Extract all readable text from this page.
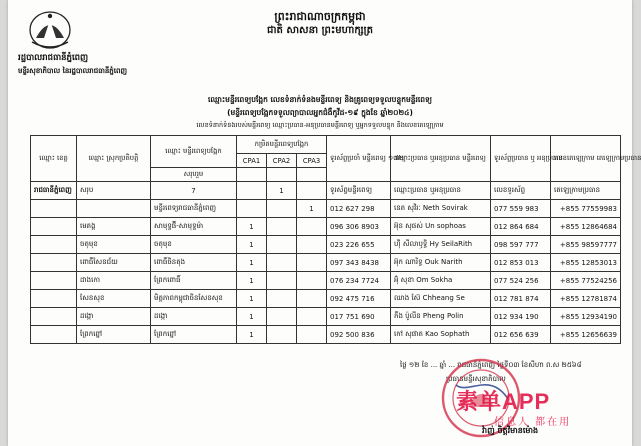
ព្រះរាជាណាចក្រកម្ពុជា
ជាតិ សាសនា ព្រះមហាក្សត្រ
រដ្ឋបាលរាជធានីភ្នំពេញ
មន្ទីរសុខាភិបាល នៃរដ្ឋបាលរាជធានីភ្នំពេញ
ឈ្មោះមន្ទីរពេទ្យបង្អែក លេខទំនាក់ទំនងមន្ទីរពេទ្យ និងគ្រូពេទ្យទទួលបន្ទុកមន្ទីរពេទ្យ
(មន្ទីរពេទ្យបង្អែកទទួលព្យាបាលអ្នកជំងឺកូវីដ-១៩ ក្នុងខែ ឆ្នាំ២០២៤)
លេខទំនាក់ទំនងរបស់មន្ទីរពេទ្យ ឈ្មោះប្រធាន-អនុប្រធានមន្ទីរពេទ្យ ឬអ្នកទទួលបន្ទុក និងលេខតេឡេក្រាម
ឈ្មោះ ខេត្ត	ឈ្មោះ ស្រុកប្រតិបត្តិ	ឈ្មោះ មន្ទីរពេទ្យបង្អែក	កម្រិតមន្ទីរពេទ្យបង្អែក			ទូរស័ព្ទប្រចាំ មន្ទីរពេទ្យ ១៧២	ឈ្មោះប្រធាន ឬអនុប្រធាន មន្ទីរពេទ្យ	ទូរស័ព្ទប្រធាន ឬ អនុប្រធាន	លេខតេឡេក្រាម តេឡេក្រាមប្រធាន
			CPA1	CPA2	CPA3				
		សរុបរួម							
រាជធានីភ្នំពេញ	សរុប	7		1		ទូរស័ព្ទមន្ទីរពេទ្យ	ឈ្មោះប្រធាន ឬអនុប្រធាន	លេខទូរស័ព្ទ	តេឡេក្រាមប្រធាន
		មន្ទីរពេទ្យរាជធានីភ្នំពេញ			1	012 627 298	នេត សុវិរៈ Neth Sovirak	077 559 983	+855 77559983
	មេគង្គ	សាមុទ្ទផ៊ី-សាមុទ្ទម៉ា	1			096 306 8903	អ៊ុន សុផស់ Un sophoas	012 864 684	+855 12864684
	ចតុមុខ	ចតុមុខ	1			023 226 655	ហ៊ី សីលាឫទ្ធិ Hy SeilaRith	098 597 777	+855 98597777
	ពោធិ៍សែនជ័យ	ពោធិ៍ចិនតុង	1			097 343 8438	អ៊ុក ណារិទ្ធ Ouk Narith	012 853 013	+855 12853013
	ដាងកោ	ព្រែកពោធិ៍	1			076 234 7724	អ៊ុំ សុខា Om Sokha	077 524 256	+855 77524256
	សែនសុខ	មិត្តភាពកម្ពុជាចិនសែនសុខ	1			092 475 716	ឈាង ស៊ែ Chheang Se	012 781 874	+855 12781874
	ដង្កោ	ដង្កោ	1			017 751 690	ភឹង ប៉ូលីន Pheng Polin	012 934 190	+855 12934190
	ព្រែកព្នៅ	ព្រែកព្នៅ	1			092 500 836	កៅ សុផាត Kao Sophath	012 656 639	+855 12656639
ថ្ងៃ ១២ ខែ ... ឆ្នាំ ... រាជធានីភ្នំពេញ ថ្ងៃទី០៣ ខែសីហា ព.ស ២៥៦៨
ប្រធានមន្ទីរសុខាភិបាល
វ៉ាញ់ ចិត្តវិមានម៉ោង
素单APP
信息人 都在用
